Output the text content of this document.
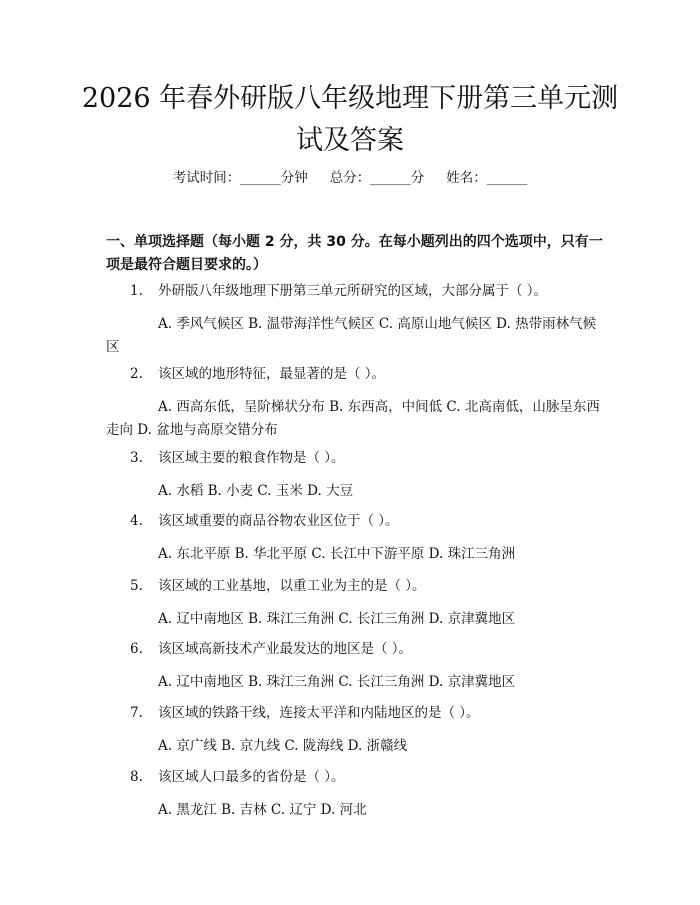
2026 年春外研版八年级地理下册第三单元测
试及答案
考试时间：______分钟 总分：______分 姓名：______
一、单项选择题（每小题 2 分，共 30 分。在每小题列出的四个选项中，只有一项是最符合题目要求的。）
1. 外研版八年级地理下册第三单元所研究的区域，大部分属于（ ）。
A. 季风气候区 B. 温带海洋性气候区 C. 高原山地气候区 D. 热带雨林气候区
2. 该区域的地形特征，最显著的是（ ）。
A. 西高东低，呈阶梯状分布 B. 东西高，中间低 C. 北高南低，山脉呈东西走向 D. 盆地与高原交错分布
3. 该区域主要的粮食作物是（ ）。
A. 水稻 B. 小麦 C. 玉米 D. 大豆
4. 该区域重要的商品谷物农业区位于（ ）。
A. 东北平原 B. 华北平原 C. 长江中下游平原 D. 珠江三角洲
5. 该区域的工业基地，以重工业为主的是（ ）。
A. 辽中南地区 B. 珠江三角洲 C. 长江三角洲 D. 京津冀地区
6. 该区域高新技术产业最发达的地区是（ ）。
A. 辽中南地区 B. 珠江三角洲 C. 长江三角洲 D. 京津冀地区
7. 该区域的铁路干线，连接太平洋和内陆地区的是（ ）。
A. 京广线 B. 京九线 C. 陇海线 D. 浙赣线
8. 该区域人口最多的省份是（ ）。
A. 黑龙江 B. 吉林 C. 辽宁 D. 河北
